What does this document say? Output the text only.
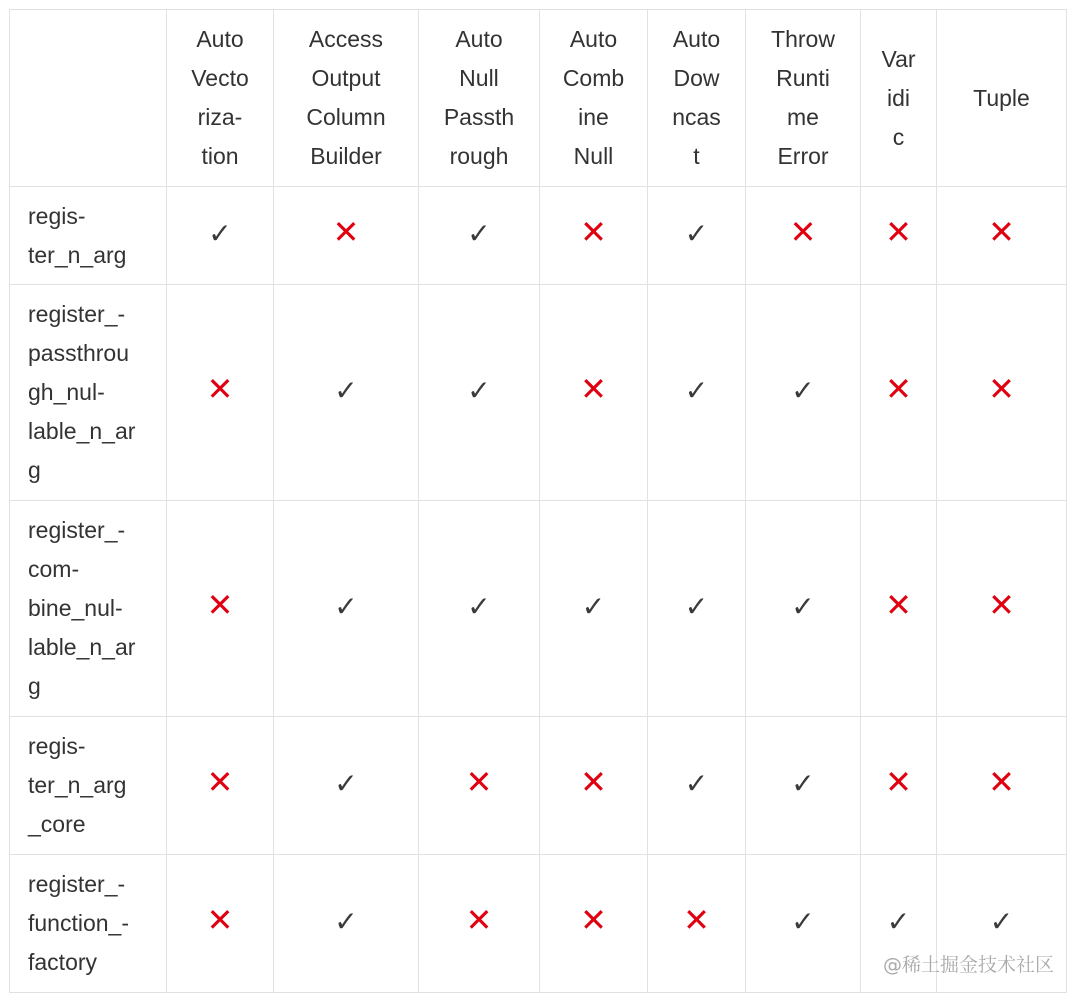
	Auto
Vecto
riza-
tion	Access
Output
Column
Builder	Auto
Null
Passth
rough	Auto
Comb
ine
Null	Auto
Dow
ncas
t	Throw
Runti
me
Error	Var
idi
c	Tuple

regis-
ter_n_arg	✓	✕	✓	✕	✓	✕	✕	✕

register_-
passthrou
gh_nul-
lable_n_ar
g	✕	✓	✓	✕	✓	✓	✕	✕

register_-
com-
bine_nul-
lable_n_ar
g	✕	✓	✓	✓	✓	✓	✕	✕

regis-
ter_n_arg
_core	✕	✓	✕	✕	✓	✓	✕	✕

register_-
function_-
factory	✕	✓	✕	✕	✕	✓	✓	✓
@稀土掘金技术社区
